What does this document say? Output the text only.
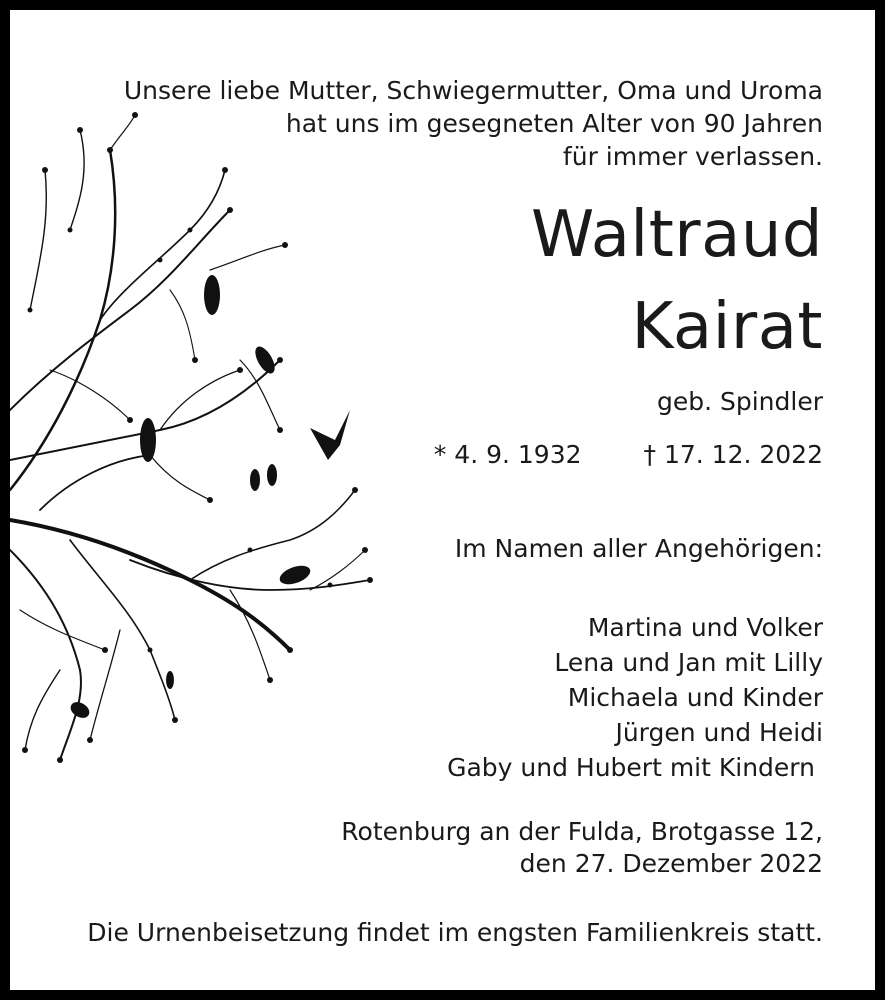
Unsere liebe Mutter, Schwiegermutter, Oma und Uroma
hat uns im gesegneten Alter von 90 Jahren
für immer verlassen.
Waltraud
Kairat
geb. Spindler
* 4. 9. 1932 † 17. 12. 2022
Im Namen aller Angehörigen:
Martina und Volker
Lena und Jan mit Lilly
Michaela und Kinder
Jürgen und Heidi
Gaby und Hubert mit Kindern
Rotenburg an der Fulda, Brotgasse 12,
den 27. Dezember 2022
Die Urnenbeisetzung findet im engsten Familienkreis statt.
